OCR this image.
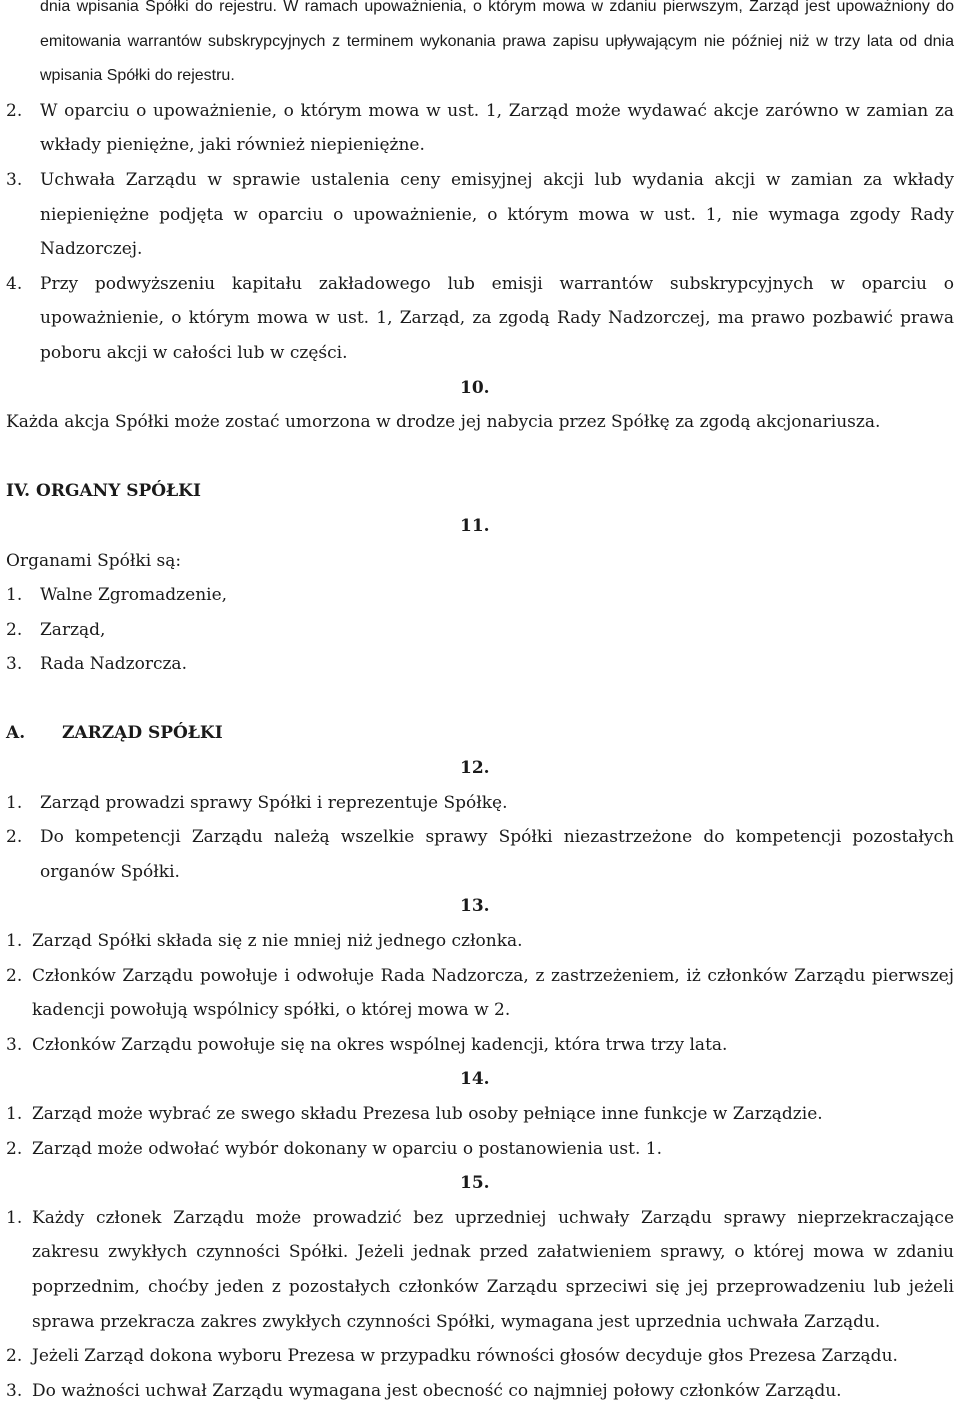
dnia wpisania Spółki do rejestru. W ramach upoważnienia, o którym mowa w zdaniu pierwszym, Zarząd jest upoważniony do emitowania warrantów subskrypcyjnych z terminem wykonania prawa zapisu upływającym nie później niż w trzy lata od dnia wpisania Spółki do rejestru.

2.	W oparciu o upoważnienie, o którym mowa w ust. 1, Zarząd może wydawać akcje zarówno w zamian za wkłady pieniężne, jaki również niepieniężne.
3.	Uchwała Zarządu w sprawie ustalenia ceny emisyjnej akcji lub wydania akcji w zamian za wkłady niepieniężne podjęta w oparciu o upoważnienie, o którym mowa w ust. 1, nie wymaga zgody Rady Nadzorczej.
4.	Przy podwyższeniu kapitału zakładowego lub emisji warrantów subskrypcyjnych w oparciu o upoważnienie, o którym mowa w ust. 1, Zarząd, za zgodą Rady Nadzorczej, ma prawo pozbawić prawa poboru akcji w całości lub w części.

10.

Każda akcja Spółki może zostać umorzona w drodze jej nabycia przez Spółkę za zgodą akcjonariusza.

IV. ORGANY SPÓŁKI

11.

Organami Spółki są:

1.	Walne Zgromadzenie,
2.	Zarząd,
3.	Rada Nadzorcza.

A. ZARZĄD SPÓŁKI

12.

1.	Zarząd prowadzi sprawy Spółki i reprezentuje Spółkę.
2.	Do kompetencji Zarządu należą wszelkie sprawy Spółki niezastrzeżone do kompetencji pozostałych organów Spółki.

13.

1. Zarząd Spółki składa się z nie mniej niż jednego członka.
2. Członków Zarządu powołuje i odwołuje Rada Nadzorcza, z zastrzeżeniem, iż członków Zarządu pierwszej kadencji powołują wspólnicy spółki, o której mowa w 2.
3. Członków Zarządu powołuje się na okres wspólnej kadencji, która trwa trzy lata.

14.

1. Zarząd może wybrać ze swego składu Prezesa lub osoby pełniące inne funkcje w Zarządzie.
2. Zarząd może odwołać wybór dokonany w oparciu o postanowienia ust. 1.

15.

1. Każdy członek Zarządu może prowadzić bez uprzedniej uchwały Zarządu sprawy nieprzekraczające zakresu zwykłych czynności Spółki. Jeżeli jednak przed załatwieniem sprawy, o której mowa w zdaniu poprzednim, choćby jeden z pozostałych członków Zarządu sprzeciwi się jej przeprowadzeniu lub jeżeli sprawa przekracza zakres zwykłych czynności Spółki, wymagana jest uprzednia uchwała Zarządu.
2. Jeżeli Zarząd dokona wyboru Prezesa w przypadku równości głosów decyduje głos Prezesa Zarządu.
3. Do ważności uchwał Zarządu wymagana jest obecność co najmniej połowy członków Zarządu.
